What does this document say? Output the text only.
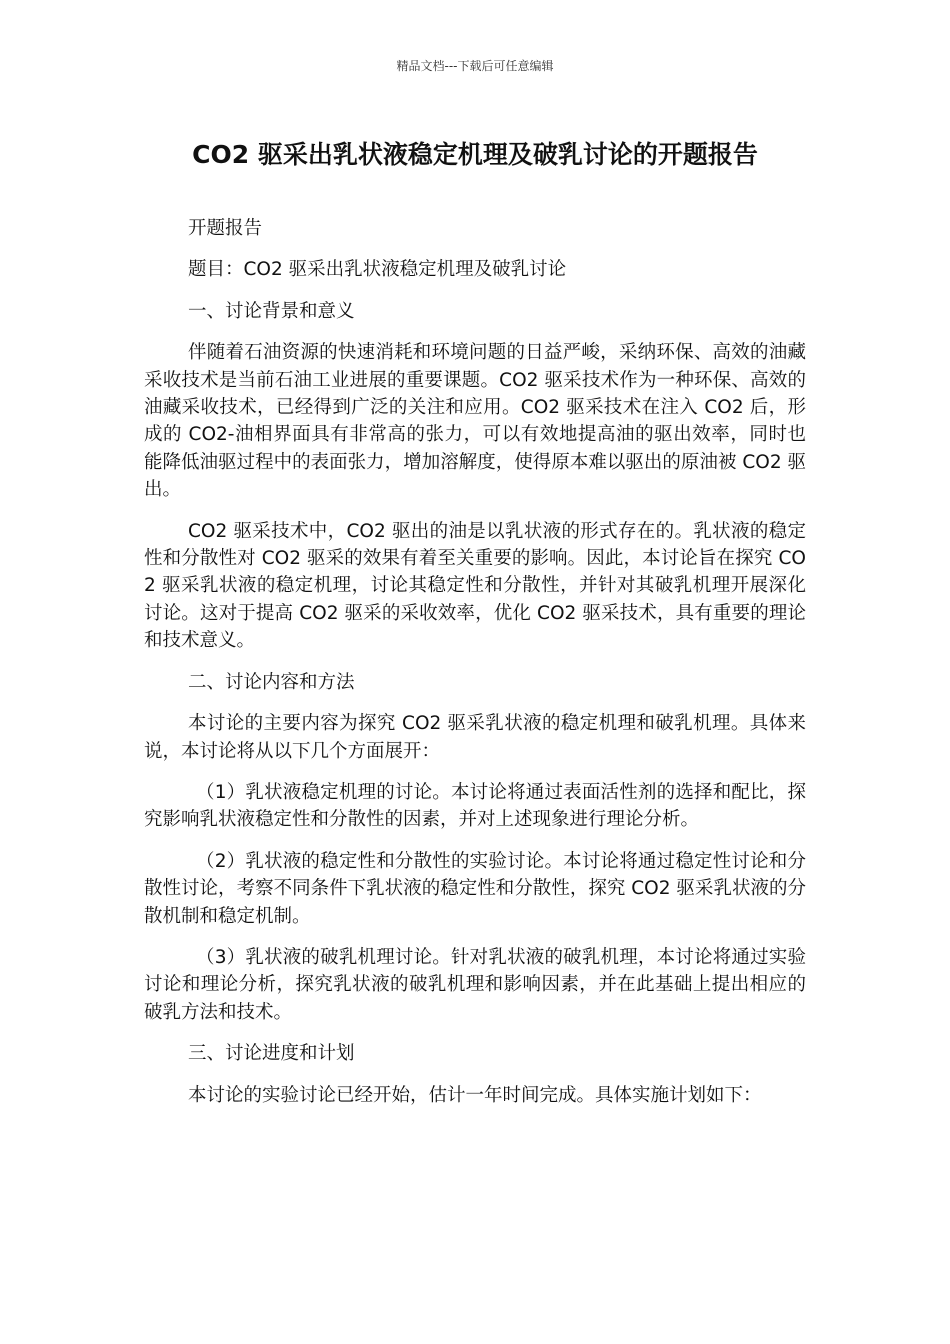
精品文档---下载后可任意编辑
CO2 驱采出乳状液稳定机理及破乳讨论的开题报告

开题报告

题目：CO2 驱采出乳状液稳定机理及破乳讨论

一、讨论背景和意义

伴随着石油资源的快速消耗和环境问题的日益严峻，采纳环保、高效的油藏采收技术是当前石油工业进展的重要课题。CO2 驱采技术作为一种环保、高效的油藏采收技术，已经得到广泛的关注和应用。CO2 驱采技术在注入 CO2 后，形成的 CO2-油相界面具有非常高的张力，可以有效地提高油的驱出效率，同时也能降低油驱过程中的表面张力，增加溶解度，使得原本难以驱出的原油被 CO2 驱出。

CO2 驱采技术中，CO2 驱出的油是以乳状液的形式存在的。乳状液的稳定性和分散性对 CO2 驱采的效果有着至关重要的影响。因此，本讨论旨在探究 CO2 驱采乳状液的稳定机理，讨论其稳定性和分散性，并针对其破乳机理开展深化讨论。这对于提高 CO2 驱采的采收效率，优化 CO2 驱采技术，具有重要的理论和技术意义。

二、讨论内容和方法

本讨论的主要内容为探究 CO2 驱采乳状液的稳定机理和破乳机理。具体来说，本讨论将从以下几个方面展开：

（1）乳状液稳定机理的讨论。本讨论将通过表面活性剂的选择和配比，探究影响乳状液稳定性和分散性的因素，并对上述现象进行理论分析。

（2）乳状液的稳定性和分散性的实验讨论。本讨论将通过稳定性讨论和分散性讨论，考察不同条件下乳状液的稳定性和分散性，探究 CO2 驱采乳状液的分散机制和稳定机制。

（3）乳状液的破乳机理讨论。针对乳状液的破乳机理，本讨论将通过实验讨论和理论分析，探究乳状液的破乳机理和影响因素，并在此基础上提出相应的破乳方法和技术。

三、讨论进度和计划

本讨论的实验讨论已经开始，估计一年时间完成。具体实施计划如下：
